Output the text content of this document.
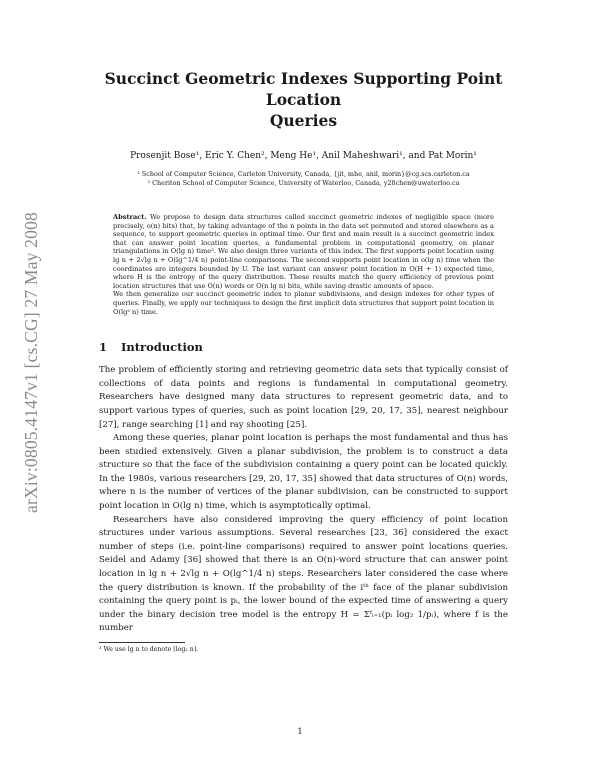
arXiv:0805.4147v1 [cs.CG] 27 May 2008
Succinct Geometric Indexes Supporting Point Location
Queries
Prosenjit Bose¹, Eric Y. Chen², Meng He¹, Anil Maheshwari¹, and Pat Morin¹
¹ School of Computer Science, Carleton University, Canada, {jit, mhe, anil, morin}@cg.scs.carleton.ca
² Cheriton School of Computer Science, University of Waterloo, Canada, y28chen@uwaterloo.ca

Abstract. We propose to design data structures called succinct geometric indexes of negligible space (more precisely, o(n) bits) that, by taking advantage of the n points in the data set permuted and stored elsewhere as a sequence, to support geometric queries in optimal time. Our first and main result is a succinct geometric index that can answer point location queries, a fundamental problem in computational geometry, on planar triangulations in O(lg n) time³. We also design three variants of this index. The first supports point location using lg n + 2√lg n + O(lg^1/4 n) point-line comparisons. The second supports point location in o(lg n) time when the coordinates are integers bounded by U. The last variant can answer point location in O(H + 1) expected time, where H is the entropy of the query distribution. These results match the query efficiency of previous point location structures that use O(n) words or O(n lg n) bits, while saving drastic amounts of space.

We then generalize our succinct geometric index to planar subdivisions, and design indexes for other types of queries. Finally, we apply our techniques to design the first implicit data structures that support point location in O(lg² n) time.

1 Introduction

The problem of efficiently storing and retrieving geometric data sets that typically consist of collections of data points and regions is fundamental in computational geometry. Researchers have designed many data structures to represent geometric data, and to support various types of queries, such as point location [29, 20, 17, 35], nearest neighbour [27], range searching [1] and ray shooting [25].

Among these queries, planar point location is perhaps the most fundamental and thus has been studied extensively. Given a planar subdivision, the problem is to construct a data structure so that the face of the subdivision containing a query point can be located quickly. In the 1980s, various researchers [29, 20, 17, 35] showed that data structures of O(n) words, where n is the number of vertices of the planar subdivision, can be constructed to support point location in O(lg n) time, which is asymptotically optimal.

Researchers have also considered improving the query efficiency of point location structures under various assumptions. Several researches [23, 36] considered the exact number of steps (i.e. point-line comparisons) required to answer point locations queries. Seidel and Adamy [36] showed that there is an O(n)-word structure that can answer point location in lg n + 2√lg n + O(lg^1/4 n) steps. Researchers later considered the case where the query distribution is known. If the probability of the iᵗʰ face of the planar subdivision containing the query point is pᵢ, the lower bound of the expected time of answering a query under the binary decision tree model is the entropy H = Σᶠᵢ₌₁(pᵢ log₂ 1/pᵢ), where f is the number

³ We use lg n to denote ⌈log₂ n⌉.
1
